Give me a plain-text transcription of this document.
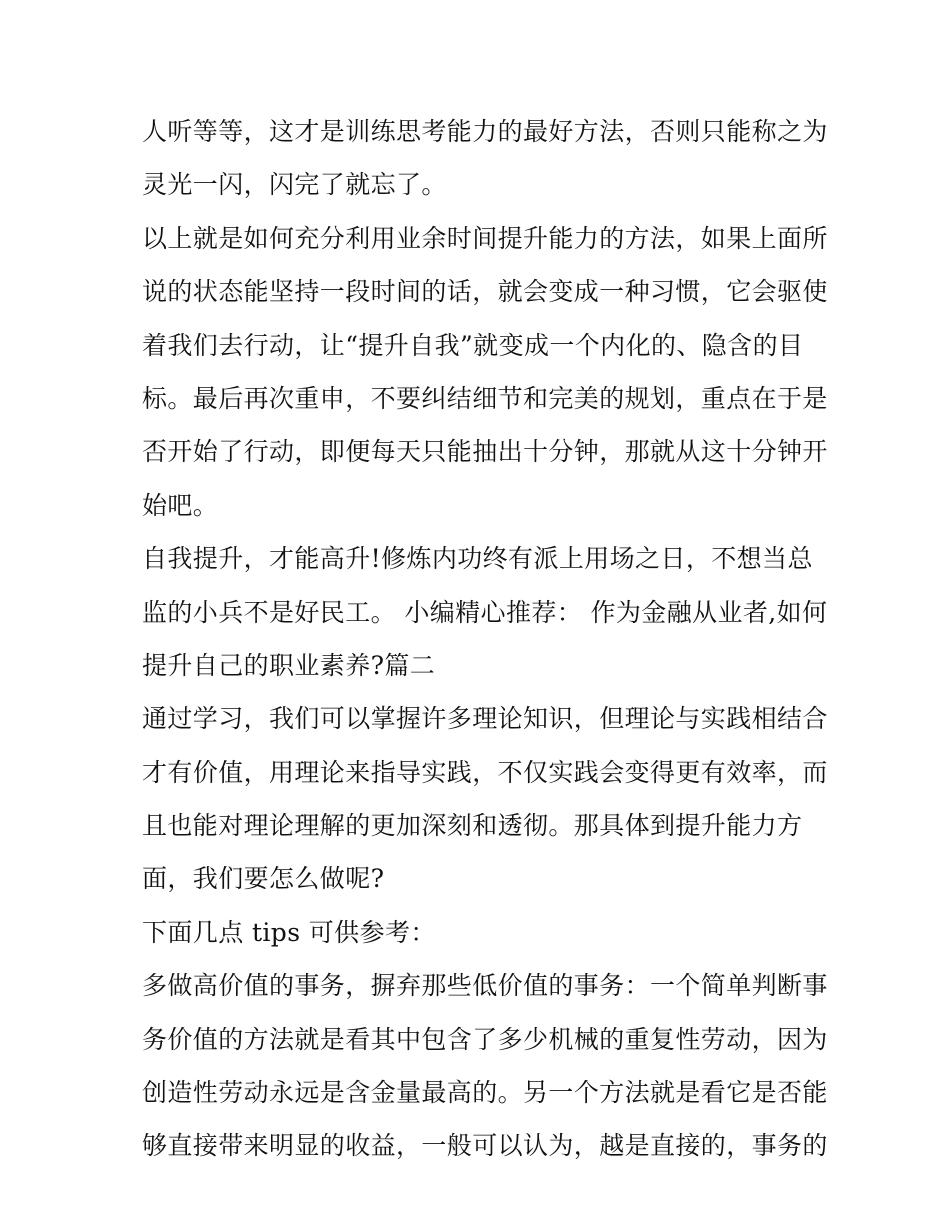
人听等等，这才是训练思考能力的最好方法，否则只能称之为
灵光一闪，闪完了就忘了。
以上就是如何充分利用业余时间提升能力的方法，如果上面所
说的状态能坚持一段时间的话，就会变成一种习惯，它会驱使
着我们去行动，让“提升自我”就变成一个内化的、隐含的目
标。最后再次重申，不要纠结细节和完美的规划，重点在于是
否开始了行动，即便每天只能抽出十分钟，那就从这十分钟开
始吧。
自我提升，才能高升!修炼内功终有派上用场之日，不想当总
监的小兵不是好民工。 小编精心推荐： 作为金融从业者,如何
提升自己的职业素养?篇二
通过学习，我们可以掌握许多理论知识，但理论与实践相结合
才有价值，用理论来指导实践，不仅实践会变得更有效率，而
且也能对理论理解的更加深刻和透彻。那具体到提升能力方
面，我们要怎么做呢?
下面几点 tips 可供参考：
多做高价值的事务，摒弃那些低价值的事务：一个简单判断事
务价值的方法就是看其中包含了多少机械的重复性劳动，因为
创造性劳动永远是含金量最高的。另一个方法就是看它是否能
够直接带来明显的收益，一般可以认为，越是直接的，事务的
